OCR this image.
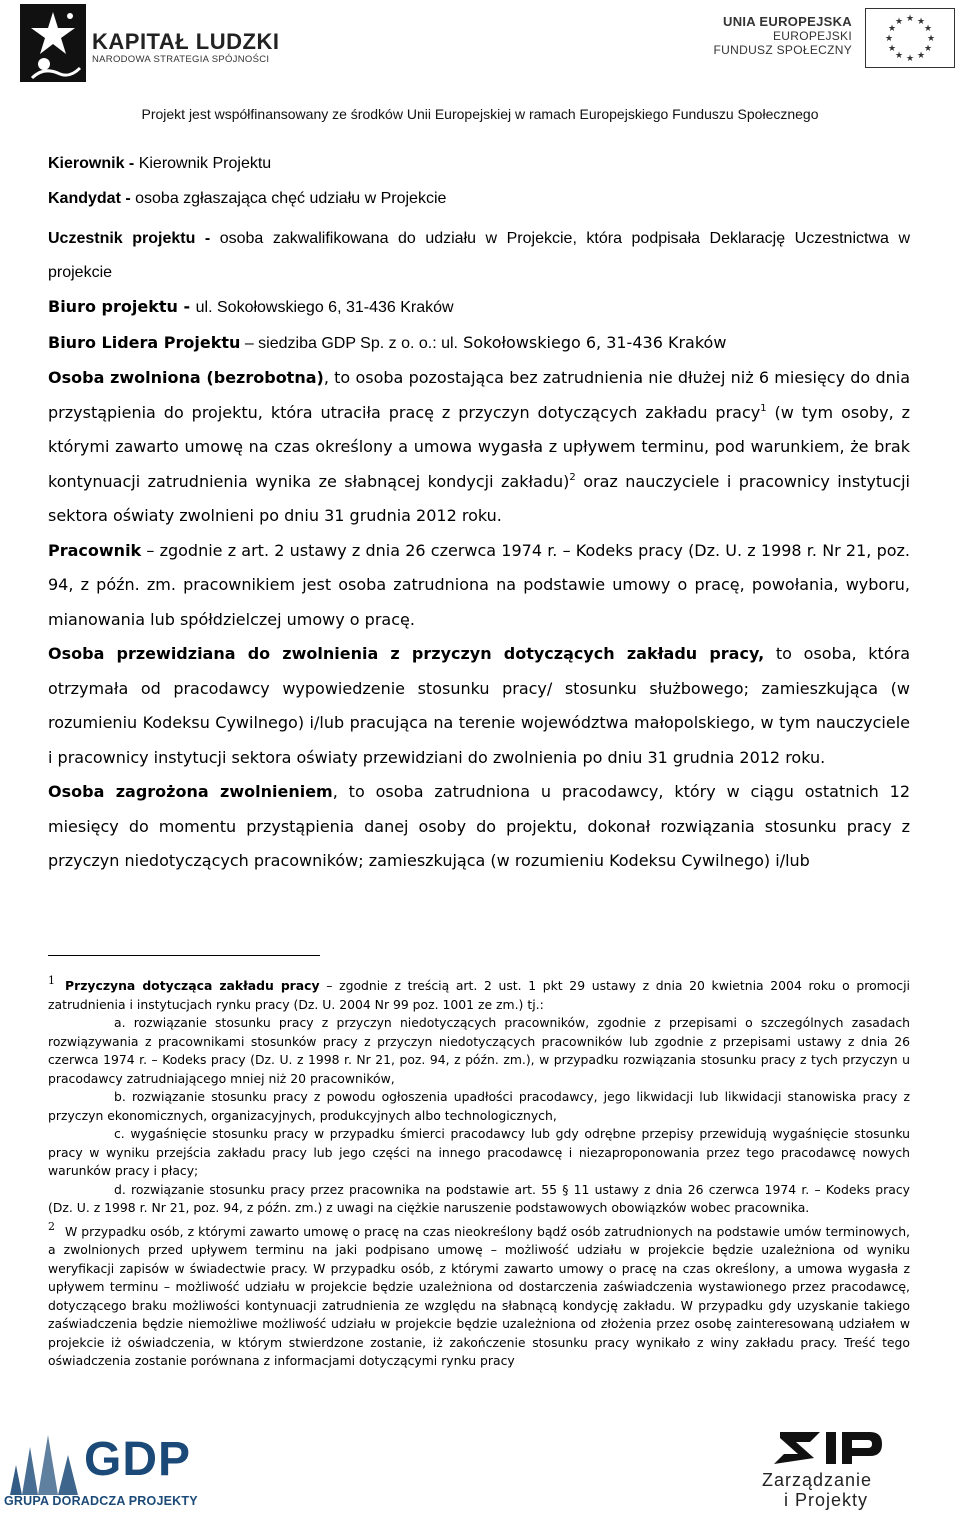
KAPITAŁ LUDZKI
NARODOWA STRATEGIA SPÓJNOŚCI
UNIA EUROPEJSKA
EUROPEJSKI
FUNDUSZ SPOŁECZNY
★ ★
★
★
★
★
★
★
★
★
★
★
Projekt jest współfinansowany ze środków Unii Europejskiej w ramach Europejskiego Funduszu Społecznego

Kierownik - Kierownik Projektu

Kandydat - osoba zgłaszająca chęć udziału w Projekcie

Uczestnik projektu - osoba zakwalifikowana do udziału w Projekcie, która podpisała Deklarację Uczestnictwa w projekcie

Biuro projektu - ul. Sokołowskiego 6, 31-436 Kraków

Biuro Lidera Projektu – siedziba GDP Sp. z o. o.: ul. Sokołowskiego 6, 31-436 Kraków

Osoba zwolniona (bezrobotna), to osoba pozostająca bez zatrudnienia nie dłużej niż 6 miesięcy do dnia przystąpienia do projektu, która utraciła pracę z przyczyn dotyczących zakładu pracy$^1$ (w tym osoby, z którymi zawarto umowę na czas określony a umowa wygasła z upływem terminu, pod warunkiem, że brak kontynuacji zatrudnienia wynika ze słabnącej kondycji zakładu)$^2$ oraz nauczyciele i pracownicy instytucji sektora oświaty zwolnieni po dniu 31 grudnia 2012 roku.

Pracownik – zgodnie z art. 2 ustawy z dnia 26 czerwca 1974 r. – Kodeks pracy (Dz. U. z 1998 r. Nr 21, poz. 94, z późn. zm. pracownikiem jest osoba zatrudniona na podstawie umowy o pracę, powołania, wyboru, mianowania lub spółdzielczej umowy o pracę.

Osoba przewidziana do zwolnienia z przyczyn dotyczących zakładu pracy, to osoba, która otrzymała od pracodawcy wypowiedzenie stosunku pracy/ stosunku służbowego; zamieszkująca (w rozumieniu Kodeksu Cywilnego) i/lub pracująca na terenie województwa małopolskiego, w tym nauczyciele i pracownicy instytucji sektora oświaty przewidziani do zwolnienia po dniu 31 grudnia 2012 roku.

Osoba zagrożona zwolnieniem, to osoba zatrudniona u pracodawcy, który w ciągu ostatnich 12 miesięcy do momentu przystąpienia danej osoby do projektu, dokonał rozwiązania stosunku pracy z przyczyn niedotyczących pracowników; zamieszkująca (w rozumieniu Kodeksu Cywilnego) i/lub

1 Przyczyna dotycząca zakładu pracy – zgodnie z treścią art. 2 ust. 1 pkt 29 ustawy z dnia 20 kwietnia 2004 roku o promocji zatrudnienia i instytucjach rynku pracy (Dz. U. 2004 Nr 99 poz. 1001 ze zm.) tj.:

a. rozwiązanie stosunku pracy z przyczyn niedotyczących pracowników, zgodnie z przepisami o szczególnych zasadach rozwiązywania z pracownikami stosunków pracy z przyczyn niedotyczących pracowników lub zgodnie z przepisami ustawy z dnia 26 czerwca 1974 r. – Kodeks pracy (Dz. U. z 1998 r. Nr 21, poz. 94, z późn. zm.), w przypadku rozwiązania stosunku pracy z tych przyczyn u pracodawcy zatrudniającego mniej niż 20 pracowników,

b. rozwiązanie stosunku pracy z powodu ogłoszenia upadłości pracodawcy, jego likwidacji lub likwidacji stanowiska pracy z przyczyn ekonomicznych, organizacyjnych, produkcyjnych albo technologicznych,

c. wygaśnięcie stosunku pracy w przypadku śmierci pracodawcy lub gdy odrębne przepisy przewidują wygaśnięcie stosunku pracy w wyniku przejścia zakładu pracy lub jego części na innego pracodawcę i niezaproponowania przez tego pracodawcę nowych warunków pracy i płacy;

d. rozwiązanie stosunku pracy przez pracownika na podstawie art. 55 § 11 ustawy z dnia 26 czerwca 1974 r. – Kodeks pracy (Dz. U. z 1998 r. Nr 21, poz. 94, z późn. zm.) z uwagi na ciężkie naruszenie podstawowych obowiązków wobec pracownika.

2 W przypadku osób, z którymi zawarto umowę o pracę na czas nieokreślony bądź osób zatrudnionych na podstawie umów terminowych, a zwolnionych przed upływem terminu na jaki podpisano umowę – możliwość udziału w projekcie będzie uzależniona od wyniku weryfikacji zapisów w świadectwie pracy. W przypadku osób, z którymi zawarto umowy o pracę na czas określony, a umowa wygasła z upływem terminu – możliwość udziału w projekcie będzie uzależniona od dostarczenia zaświadczenia wystawionego przez pracodawcę, dotyczącego braku możliwości kontynuacji zatrudnienia ze względu na słabnącą kondycję zakładu. W przypadku gdy uzyskanie takiego zaświadczenia będzie niemożliwe możliwość udziału w projekcie będzie uzależniona od złożenia przez osobę zainteresowaną udziałem w projekcie iż oświadczenia, w którym stwierdzone zostanie, iż zakończenie stosunku pracy wynikało z winy zakładu pracy. Treść tego oświadczenia zostanie porównana z informacjami dotyczącymi rynku pracy

GDP
GRUPA DORADCZA PROJEKTY
Zarządzanie
i Projekty
